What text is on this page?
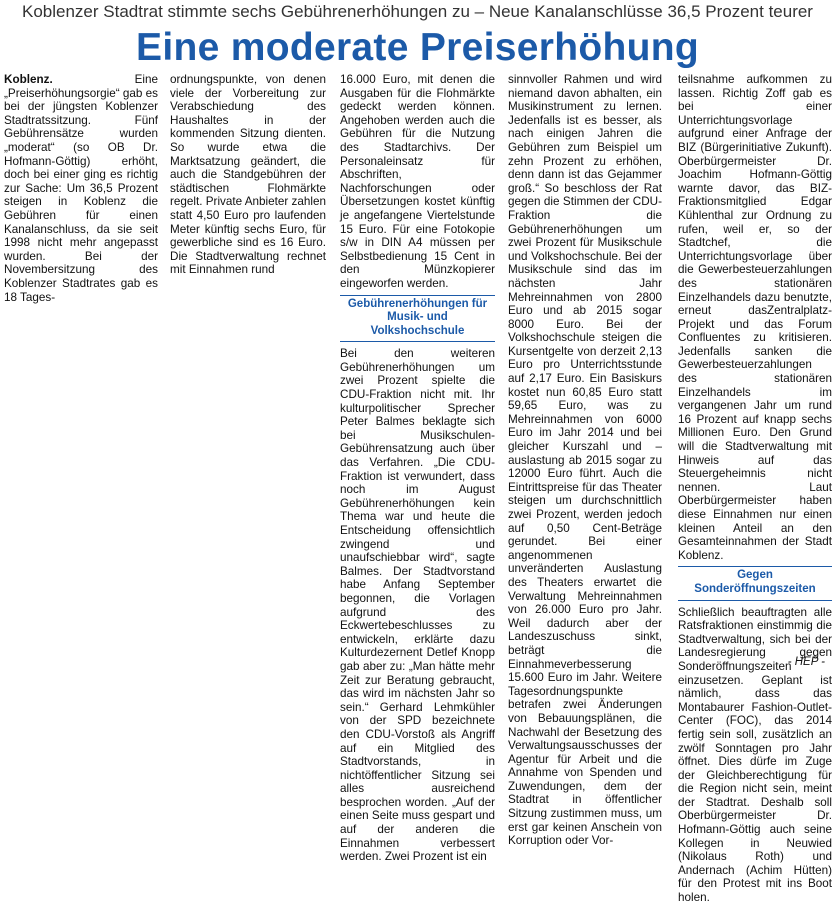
Koblenzer Stadtrat stimmte sechs Gebührenerhöhungen zu – Neue Kanalanschlüsse 36,5 Prozent teurer
Eine moderate Preiserhöhung

Koblenz. Eine „Preiserhöhungsorgie“ gab es bei der jüngsten Koblenzer Stadtratssitzung. Fünf Gebührensätze wurden „moderat“ (so OB Dr. Hofmann-Göttig) erhöht, doch bei einer ging es richtig zur Sache: Um 36,5 Prozent steigen in Koblenz die Gebühren für einen Kanalanschluss, da sie seit 1998 nicht mehr angepasst wurden. Bei der Novembersitzung des Koblenzer Stadtrates gab es 18 Tages-

ordnungspunkte, von denen viele der Vorbereitung zur Verabschiedung des Haushaltes in der kommenden Sitzung dienten. So wurde etwa die Marktsatzung geändert, die auch die Standgebühren der städtischen Flohmärkte regelt. Private Anbieter zahlen statt 4,50 Euro pro laufenden Meter künftig sechs Euro, für gewerbliche sind es 16 Euro. Die Stadtverwaltung rechnet mit Einnahmen rund

16.000 Euro, mit denen die Ausgaben für die Flohmärkte gedeckt werden können. Angehoben werden auch die Gebühren für die Nutzung des Stadtarchivs. Der Personaleinsatz für Abschriften, Nachforschungen oder Übersetzungen kostet künftig je angefangene Viertelstunde 15 Euro. Für eine Fotokopie s/w in DIN A4 müssen per Selbstbedienung 15 Cent in den Münzkopierer eingeworfen werden.

Gebührenerhöhungen für Musik- und Volkshochschule

Bei den weiteren Gebührenerhöhungen um zwei Prozent spielte die CDU-Fraktion nicht mit. Ihr kulturpolitischer Sprecher Peter Balmes beklagte sich bei Musikschulen-Gebührensatzung auch über das Verfahren. „Die CDU-Fraktion ist verwundert, dass noch im August Gebührenerhöhungen kein Thema war und heute die Entscheidung offensichtlich zwingend und unaufschiebbar wird“, sagte Balmes. Der Stadtvorstand habe Anfang September begonnen, die Vorlagen aufgrund des Eckwertebeschlusses zu entwickeln, erklärte dazu Kulturdezernent Detlef Knopp gab aber zu: „Man hätte mehr Zeit zur Beratung gebraucht, das wird im nächsten Jahr so sein.“ Gerhard Lehmkühler von der SPD bezeichnete den CDU-Vorstoß als Angriff auf ein Mitglied des Stadtvorstands, in nichtöffentlicher Sitzung sei alles ausreichend besprochen worden. „Auf der einen Seite muss gespart und auf der anderen die Einnahmen verbessert werden. Zwei Prozent ist ein

sinnvoller Rahmen und wird niemand davon abhalten, ein Musikinstrument zu lernen. Jedenfalls ist es besser, als nach einigen Jahren die Gebühren zum Beispiel um zehn Prozent zu erhöhen, denn dann ist das Gejammer groß.“ So beschloss der Rat gegen die Stimmen der CDU-Fraktion die Gebührenerhöhungen um zwei Prozent für Musikschule und Volkshochschule. Bei der Musikschule sind das im nächsten Jahr Mehreinnahmen von 2800 Euro und ab 2015 sogar 8000 Euro. Bei der Volkshochschule steigen die Kursentgelte von derzeit 2,13 Euro pro Unterrichtsstunde auf 2,17 Euro. Ein Basiskurs kostet nun 60,85 Euro statt 59,65 Euro, was zu Mehreinnahmen von 6000 Euro im Jahr 2014 und bei gleicher Kurszahl und –auslastung ab 2015 sogar zu 12000 Euro führt. Auch die Eintrittspreise für das Theater steigen um durchschnittlich zwei Prozent, werden jedoch auf 0,50 Cent-Beträge gerundet. Bei einer angenommenen unveränderten Auslastung des Theaters erwartet die Verwaltung Mehreinnahmen von 26.000 Euro pro Jahr. Weil dadurch aber der Landeszuschuss sinkt, beträgt die Einnahmeverbesserung 15.600 Euro im Jahr. Weitere Tagesordnungspunkte betrafen zwei Änderungen von Bebauungsplänen, die Nachwahl der Besetzung des Verwaltungsausschusses der Agentur für Arbeit und die Annahme von Spenden und Zuwendungen, dem der Stadtrat in öffentlicher Sitzung zustimmen muss, um erst gar keinen Anschein von Korruption oder Vor-

teilsnahme aufkommen zu lassen. Richtig Zoff gab es bei einer Unterrichtungsvorlage aufgrund einer Anfrage der BIZ (Bürgerinitiative Zukunft). Oberbürgermeister Dr. Joachim Hofmann-Göttig warnte davor, das BIZ-Fraktionsmitglied Edgar Kühlenthal zur Ordnung zu rufen, weil er, so der Stadtchef, die Unterrichtungsvorlage über die Gewerbesteuerzahlungen des stationären Einzelhandels dazu benutzte, erneut dasZentralplatz-Projekt und das Forum Confluentes zu kritisieren. Jedenfalls sanken die Gewerbesteuerzahlungen des stationären Einzelhandels im vergangenen Jahr um rund 16 Prozent auf knapp sechs Millionen Euro. Den Grund will die Stadtverwaltung mit Hinweis auf das Steuergeheimnis nicht nennen. Laut Oberbürgermeister haben diese Einnahmen nur einen kleinen Anteil an den Gesamteinnahmen der Stadt Koblenz.

Gegen Sonderöffnungszeiten

Schließlich beauftragten alle Ratsfraktionen einstimmig die Stadtverwaltung, sich bei der Landesregierung gegen Sonderöffnungszeiten einzusetzen. Geplant ist nämlich, dass das Montabaurer Fashion-Outlet-Center (FOC), das 2014 fertig sein soll, zusätzlich an zwölf Sonntagen pro Jahr öffnet. Dies dürfe im Zuge der Gleichberechtigung für die Region nicht sein, meint der Stadtrat. Deshalb soll Oberbürgermeister Dr. Hofmann-Göttig auch seine Kollegen in Neuwied (Nikolaus Roth) und Andernach (Achim Hütten) für den Protest mit ins Boot holen.

- HEP -
